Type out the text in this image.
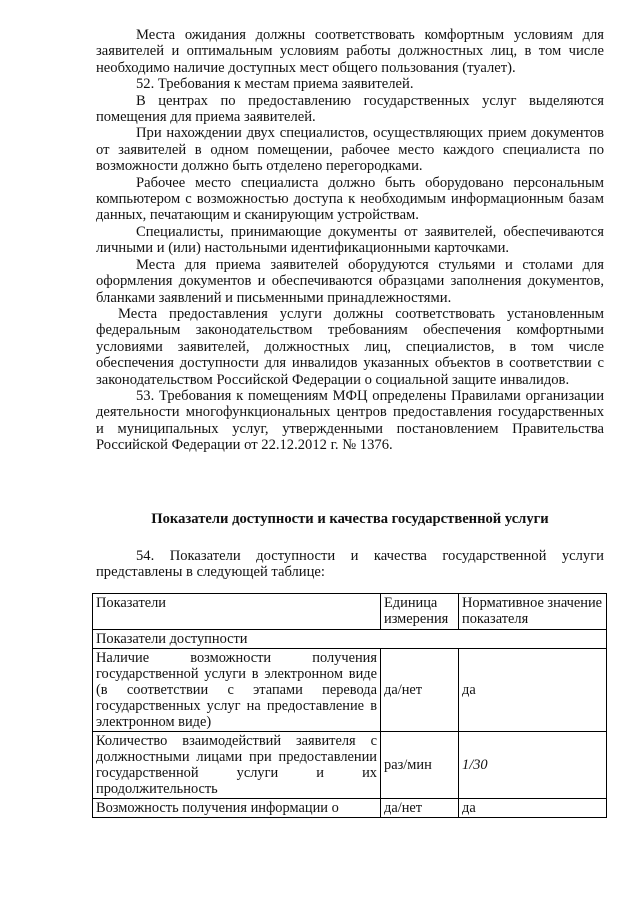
Места ожидания должны соответствовать комфортным условиям для заявителей и оптимальным условиям работы должностных лиц, в том числе необходимо наличие доступных мест общего пользования (туалет).

52. Требования к местам приема заявителей.

В центрах по предоставлению государственных услуг выделяются помещения для приема заявителей.

При нахождении двух специалистов, осуществляющих прием документов от заявителей в одном помещении, рабочее место каждого специалиста по возможности должно быть отделено перегородками.

Рабочее место специалиста должно быть оборудовано персональным компьютером с возможностью доступа к необходимым информационным базам данных, печатающим и сканирующим устройствам.

Специалисты, принимающие документы от заявителей, обеспечиваются личными и (или) настольными идентификационными карточками.

Места для приема заявителей оборудуются стульями и столами для оформления документов и обеспечиваются образцами заполнения документов, бланками заявлений и письменными принадлежностями.

Места предоставления услуги должны соответствовать установленным федеральным законодательством требованиям обеспечения комфортными условиями заявителей, должностных лиц, специалистов, в том числе обеспечения доступности для инвалидов указанных объектов в соответствии с законодательством Российской Федерации о социальной защите инвалидов.

53. Требования к помещениям МФЦ определены Правилами организации деятельности многофункциональных центров предоставления государственных и муниципальных услуг, утвержденными постановлением Правительства Российской Федерации от 22.12.2012 г. № 1376.

Показатели доступности и качества государственной услуги

54. Показатели доступности и качества государственной услуги представлены в следующей таблице:

Показатели	Единица измерения	Нормативное значение показателя
Показатели доступности		
Наличие возможности получения государственной услуги в электронном виде (в соответствии с этапами перевода государственных услуг на предоставление в электронном виде)	да/нет	да
Количество взаимодействий заявителя с должностными лицами при предоставлении государственной услуги и их продолжительность	раз/мин	1/30
Возможность получения информации о	да/нет	да
